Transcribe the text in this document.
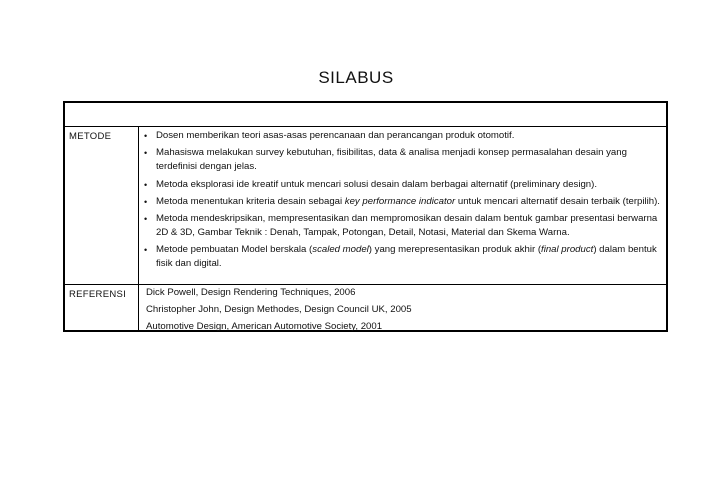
SILABUS
METODE	• Dosen memberikan teori asas-asas perencanaan dan perancangan produk otomotif.
• Mahasiswa melakukan survey kebutuhan, fisibilitas, data & analisa menjadi konsep permasalahan desain yang terdefinisi dengan jelas.
• Metoda eksplorasi ide kreatif untuk mencari solusi desain dalam berbagai alternatif (preliminary design).
• Metoda menentukan kriteria desain sebagai key performance indicator untuk mencari alternatif desain terbaik (terpilih).
• Metoda mendeskripsikan, mempresentasikan dan mempromosikan desain dalam bentuk gambar presentasi berwarna 2D & 3D, Gambar Teknik : Denah, Tampak, Potongan, Detail, Notasi, Material dan Skema Warna.
• Metode pembuatan Model berskala (scaled model) yang merepresentasikan produk akhir (final product) dalam bentuk fisik dan digital.
REFERENSI Dick Powell, Design Rendering Techniques, 2006
Christopher John, Design Methodes, Design Council UK, 2005
Automotive Design, American Automotive Society, 2001
